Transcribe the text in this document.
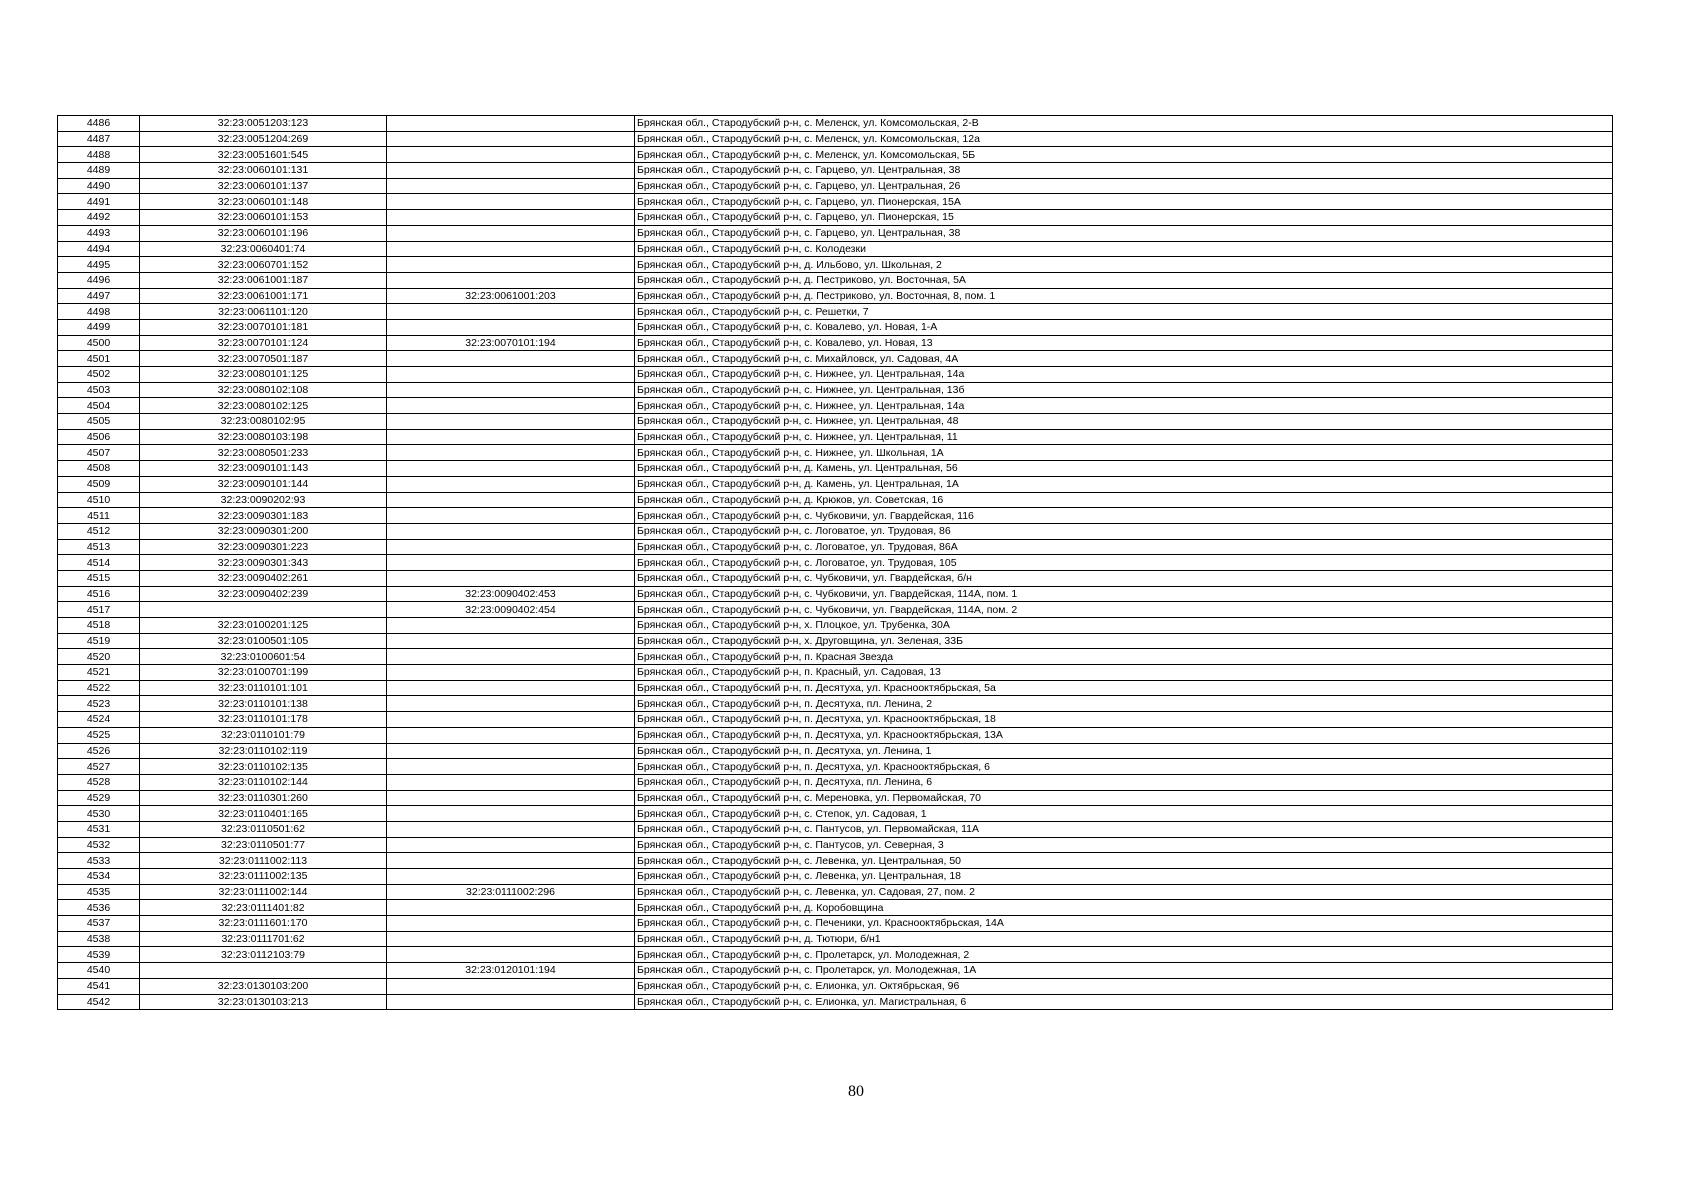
4486	32:23:0051203:123		Брянская обл., Стародубский р-н, с. Меленск, ул. Комсомольская, 2-В
4487	32:23:0051204:269		Брянская обл., Стародубский р-н, с. Меленск, ул. Комсомольская, 12а
4488	32:23:0051601:545		Брянская обл., Стародубский р-н, с. Меленск, ул. Комсомольская, 5Б
4489	32:23:0060101:131		Брянская обл., Стародубский р-н, с. Гарцево, ул. Центральная, 38
4490	32:23:0060101:137		Брянская обл., Стародубский р-н, с. Гарцево, ул. Центральная, 26
4491	32:23:0060101:148		Брянская обл., Стародубский р-н, с. Гарцево, ул. Пионерская, 15А
4492	32:23:0060101:153		Брянская обл., Стародубский р-н, с. Гарцево, ул. Пионерская, 15
4493	32:23:0060101:196		Брянская обл., Стародубский р-н, с. Гарцево, ул. Центральная, 38
4494	32:23:0060401:74		Брянская обл., Стародубский р-н, с. Колодезки
4495	32:23:0060701:152		Брянская обл., Стародубский р-н, д. Ильбово, ул. Школьная, 2
4496	32:23:0061001:187		Брянская обл., Стародубский р-н, д. Пестриково, ул. Восточная, 5А
4497	32:23:0061001:171	32:23:0061001:203	Брянская обл., Стародубский р-н, д. Пестриково, ул. Восточная, 8, пом. 1
4498	32:23:0061101:120		Брянская обл., Стародубский р-н, с. Решетки, 7
4499	32:23:0070101:181		Брянская обл., Стародубский р-н, с. Ковалево, ул. Новая, 1-А
4500	32:23:0070101:124	32:23:0070101:194	Брянская обл., Стародубский р-н, с. Ковалево, ул. Новая, 13
4501	32:23:0070501:187		Брянская обл., Стародубский р-н, с. Михайловск, ул. Садовая, 4А
4502	32:23:0080101:125		Брянская обл., Стародубский р-н, с. Нижнее, ул. Центральная, 14а
4503	32:23:0080102:108		Брянская обл., Стародубский р-н, с. Нижнее, ул. Центральная, 13б
4504	32:23:0080102:125		Брянская обл., Стародубский р-н, с. Нижнее, ул. Центральная, 14а
4505	32:23:0080102:95		Брянская обл., Стародубский р-н, с. Нижнее, ул. Центральная, 48
4506	32:23:0080103:198		Брянская обл., Стародубский р-н, с. Нижнее, ул. Центральная, 11
4507	32:23:0080501:233		Брянская обл., Стародубский р-н, с. Нижнее, ул. Школьная, 1А
4508	32:23:0090101:143		Брянская обл., Стародубский р-н, д. Камень, ул. Центральная, 56
4509	32:23:0090101:144		Брянская обл., Стародубский р-н, д. Камень, ул. Центральная, 1А
4510	32:23:0090202:93		Брянская обл., Стародубский р-н, д. Крюков, ул. Советская, 16
4511	32:23:0090301:183		Брянская обл., Стародубский р-н, с. Чубковичи, ул. Гвардейская, 116
4512	32:23:0090301:200		Брянская обл., Стародубский р-н, с. Логоватое, ул. Трудовая, 86
4513	32:23:0090301:223		Брянская обл., Стародубский р-н, с. Логоватое, ул. Трудовая, 86А
4514	32:23:0090301:343		Брянская обл., Стародубский р-н, с. Логоватое, ул. Трудовая, 105
4515	32:23:0090402:261		Брянская обл., Стародубский р-н, с. Чубковичи, ул. Гвардейская, б/н
4516	32:23:0090402:239	32:23:0090402:453	Брянская обл., Стародубский р-н, с. Чубковичи, ул. Гвардейская, 114А, пом. 1
4517		32:23:0090402:454	Брянская обл., Стародубский р-н, с. Чубковичи, ул. Гвардейская, 114А, пом. 2
4518	32:23:0100201:125		Брянская обл., Стародубский р-н, х. Плоцкое, ул. Трубенка, 30А
4519	32:23:0100501:105		Брянская обл., Стародубский р-н, х. Друговщина, ул. Зеленая, 33Б
4520	32:23:0100601:54		Брянская обл., Стародубский р-н, п. Красная Звезда
4521	32:23:0100701:199		Брянская обл., Стародубский р-н, п. Красный, ул. Садовая, 13
4522	32:23:0110101:101		Брянская обл., Стародубский р-н, п. Десятуха, ул. Краснооктябрьская, 5а
4523	32:23:0110101:138		Брянская обл., Стародубский р-н, п. Десятуха, пл. Ленина, 2
4524	32:23:0110101:178		Брянская обл., Стародубский р-н, п. Десятуха, ул. Краснооктябрьская, 18
4525	32:23:0110101:79		Брянская обл., Стародубский р-н, п. Десятуха, ул. Краснооктябрьская, 13А
4526	32:23:0110102:119		Брянская обл., Стародубский р-н, п. Десятуха, ул. Ленина, 1
4527	32:23:0110102:135		Брянская обл., Стародубский р-н, п. Десятуха, ул. Краснооктябрьская, 6
4528	32:23:0110102:144		Брянская обл., Стародубский р-н, п. Десятуха, пл. Ленина, 6
4529	32:23:0110301:260		Брянская обл., Стародубский р-н, с. Мереновка, ул. Первомайская, 70
4530	32:23:0110401:165		Брянская обл., Стародубский р-н, с. Степок, ул. Садовая, 1
4531	32:23:0110501:62		Брянская обл., Стародубский р-н, с. Пантусов, ул. Первомайская, 11А
4532	32:23:0110501:77		Брянская обл., Стародубский р-н, с. Пантусов, ул. Северная, 3
4533	32:23:0111002:113		Брянская обл., Стародубский р-н, с. Левенка, ул. Центральная, 50
4534	32:23:0111002:135		Брянская обл., Стародубский р-н, с. Левенка, ул. Центральная, 18
4535	32:23:0111002:144	32:23:0111002:296	Брянская обл., Стародубский р-н, с. Левенка, ул. Садовая, 27, пом. 2
4536	32:23:0111401:82		Брянская обл., Стародубский р-н, д. Коробовщина
4537	32:23:0111601:170		Брянская обл., Стародубский р-н, с. Печеники, ул. Краснооктябрьская, 14А
4538	32:23:0111701:62		Брянская обл., Стародубский р-н, д. Тютюри, б/н1
4539	32:23:0112103:79		Брянская обл., Стародубский р-н, с. Пролетарск, ул. Молодежная, 2
4540		32:23:0120101:194	Брянская обл., Стародубский р-н, с. Пролетарск, ул. Молодежная, 1А
4541	32:23:0130103:200		Брянская обл., Стародубский р-н, с. Елионка, ул. Октябрьская, 96
4542	32:23:0130103:213		Брянская обл., Стародубский р-н, с. Елионка, ул. Магистральная, 6
80
